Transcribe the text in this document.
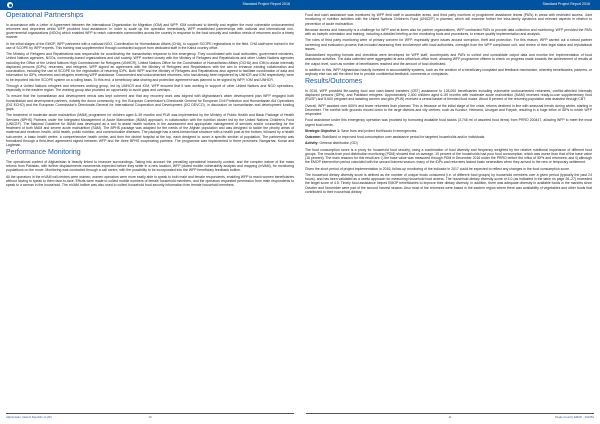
Standard Project Report 2016
Operational Partnerships

In accordance with a Letter of Agreement between the International Organization for Migration (IOM) and WFP, IOM continued to identify and register the most vulnerable undocumented returnees and deportees whilst WFP provided food assistance. In order to scale up the operation immediately, WFP established partnerships with national and international non-governmental organizations (NGOs) which enabled WFP to reach vulnerable communities across the country in response to the food security and nutrition needs of returnees and in a timely manner.

In the initial stages of the EMOP, WFP partnered with a national NGO, Coordination for Humanitarian Affairs (CHA), to support SCOPE registrations in the field. CHA staff were trained in the use of SCOPE by WFP experts. This training was supplemented through contracted support from dedicated staff in the Kabul country office.

The Ministry of Refugees and Repatriations was responsible for coordinating the humanitarian response to this emergency. They coordinated with local authorities, government ministries, United Nations agencies, NGOs, community-based organizations and civil society. WFP worked closely with the Ministry of Refugees and Repatriations and other United Nations agencies including the Office of the United Nations High Commissioner for Refugees (UNHCR), United Nations Office for the Coordination of Humanitarian Affairs (OCHA) and IOM to assist internally displaced persons (IDPs), returnees, and refugees. WFP signed an agreement with the Ministry of Refugees and Repatriations with the aim to enhance existing collaboration and coordination, including the use of SCOPE for the registration of returning IDPs. Both WFP and the Ministry of Refugees and Repatriations also agreed to facilitate coordination of data and information for IDPs, returnees and refugees receiving WFP assistance. Documented and undocumented returnees, who had already been registered by UNHCR and IOM respectively, were to be imported into the SCOPE system on a rolling basis. To this end, a beneficiary data sharing and protection agreement was planned to be signed by WFP, IOM and UNHCR.

Through a United Nations refugees and returnees working group, led by UNHCR and IOM, WFP ensured that it was working in support of other United Nations and NGO operations, especially in the eastern region. The working group also provided an opportunity to avoid gaps and overlaps.

To ensure that the humanitarian and development nexus was kept coherent and that any recovery work was aligned with Afghanistan's wider development plan WFP engaged both humanitarian and development partners, notably the donor community, e.g. the European Commission's Directorate-General for European Civil Protection and Humanitarian Aid Operations (DG ECHO) and the European Commission's Directorate-General for International Cooperation and Development (DG DEVCO), in discussion on humanitarian and development funding gaps.

The treatment of moderate acute malnutrition (MAM) programme for children aged 6–59 months and PLW was implemented by the Ministry of Public Health and Basic Package of Health Services (BPHS) Partners under the Integrated Management of Acute Malnutrition (IMAM) approach, in collaboration with the nutrition cluster led by the United Nations Children's Fund (UNICEF). The National Guideline for IMAM was developed as a tool to assist health workers in the assessment and appropriate management of services and/or counselling for the treatment of both MAM and severe acute malnutrition (SAM). The BPHS package was adapted for the needs of the Afghan population and was designed to tackle the priority areas of maternal and newborn health, child health, public nutrition, and communicable diseases. The package has a semi-hierarchical structure with a health post at the bottom, followed by a health sub-centre, a basic health centre, a comprehensive health centre, and then the district hospital at the top, each designed to cover a specific section of population. The partnership was formalized through a field-level agreement signed between WFP and the three BPHS cooperating partners. The programme was implemented in three provinces: Nangarhar, Kunar and Laghman.

Performance Monitoring

The operational context of Afghanistan is heavily linked to insecure surroundings. Taking into account the prevailing operational insecurity context, and the complex nature of the mass returns from Pakistan, with further displacements movements expected before they settle in a new location, WFP piloted mobile vulnerability analysis and mapping (mVAM), for monitoring populations on the move. Monitoring was conducted through a call centre, with the possibility to be incorporated into the WFP beneficiary feedback hotline.

All the operators in the mVAM call centres were women; women operators were more easily able to speak to both male and female respondents, enabling WFP to reach women beneficiaries without having to speak to them face-to-face. Efforts were made to collect mobile numbers of female household members, and the operators requested permission from male respondents to speak to a woman in the household. The mVAM hotline was also used to collect household food security information from female household members.

Afghanistan, Islamic Republic of (AF)	10
Standard Project Report 2016

Food and cash assistance was monitored by WFP field staff in accessible areas, and third party monitors or programme assistance teams (PATs) in areas with restricted access. Joint monitoring of nutrition activities with the United Nations Children's Fund (UNICEF) is planned, which will examine further the intra-family dynamics and relevant aspects in relation to prevention of acute malnutrition.

Because access and insecurity is a challenge for WFP and at times also for partner organizations, WFP contracted PATs to provide data collection and monitoring. WFP provided the PATs with an indepth orientation and training, including a detailed briefing on the monitoring tools and procedures, to ensure quality implementation and analysis.

The roles of third party monitoring were of primary concern for WFP, especially given issues around corruption, theft and protection. For this reason, WFP carried out a robust partner screening and evaluation process that included assessing their involvement with local authorities, oversight from the WFP compliance unit, and review of their legal status and reputational issues.

Standardized reporting formats and checklists were developed for WFP staff, counterparts and PATs to collect and consolidate output data and monitor the implementation of food assistance activities. The data collected were aggregated at area office/sub-office level, allowing WFP programme officers to check on progress made towards the achievement of results at the output level, such as number of beneficiaries reached and the amount of food distributed.

In addition to this, WFP Afghanistan heavily invested in accountability systems, such as the creation of a beneficiary complaint and feedback mechanism, whereby beneficiaries, partners, or anybody else can call the direct line to provide confidential feedback, comments or complaints.

Results/Outcomes

In 2016, WFP provided life-saving food and cash-based transfers (CBT) assistance to 128,000 beneficiaries including vulnerable undocumented returnees, conflict-affected internally displaced persons (IDPs), and Pakistani refugees. Approximately 2,400 children aged 6–59 months with moderate acute malnutrition (MAM) received ready-to-use supplementary food (RUSF) and 5,600 pregnant and lactating women and girls (PLW) received a cereal basket of blended food maize. About 8 percent of the returning population was assisted through CBT.

Overall, WFP assisted over 600% and fewer returnees than planned. This is because at the initial stage of the crisis, returns declined in line with seasonal trends during winter, starting in December. The conflict both grounds moved down to the large districts and city centres, such as Kunduz, Helmand, Uruzgan and Faryab, resulting in a huge influx of IDPs to which WFP responded.

Food assistance under this emergency operation was provided by borrowing available food stocks (3,746 mt of assorted food items) from PRRO 200447, allowing WFP to meet the most urgent food needs.

Strategic Objective 1: Save lives and protect livelihoods in emergencies.

Outcome: Stabilized or improved food consumption over assistance period for targeted households and/or individuals.

Activity: General distribution (GD)

The food consumption score is a proxy for household food security, using a combination of food diversity and frequency weighted by the relative nutritional importance of different food groups. The results from post distribution monitoring (PDM) showed that on average, 19 percent of the households had poor food consumption, which was worse than that of the base value (16 percent). The main reasons for this result are: i) the base value was measured through PDM in December 2016 under the PRRO before the influx of IDPs and returnees; and ii) although the EMOP intervention period coincided with the second harvest season, many of the IDPs and returnees lacked basic necessities when they arrived to the new or temporary settlement.

Given the short period of project implementation in 2016, follow-up monitoring of the indicator in 2017 could be expected to reflect any changes in the food consumption score.

The household dietary diversity score is defined as the number of unique foods consumed (i.e. of different food groups) by household members over a given period (typically the past 24 hours), and has been validated as a useful approach for measuring household food access. The household dietary diversity score of 4.0 (as indicated in the table on page 26–27) exceeded the target score of 4.5. Timely food assistance helped EMOP beneficiaries to improve their dietary diversity. In addition, there was adequate diversity in available foods in the markets since October and November were part of the second harvest season. Also most of the returnees were based in the eastern region where there was availability of vegetables and other foods that contributed to their household dietary

11	Single Country EMOP - 201054
